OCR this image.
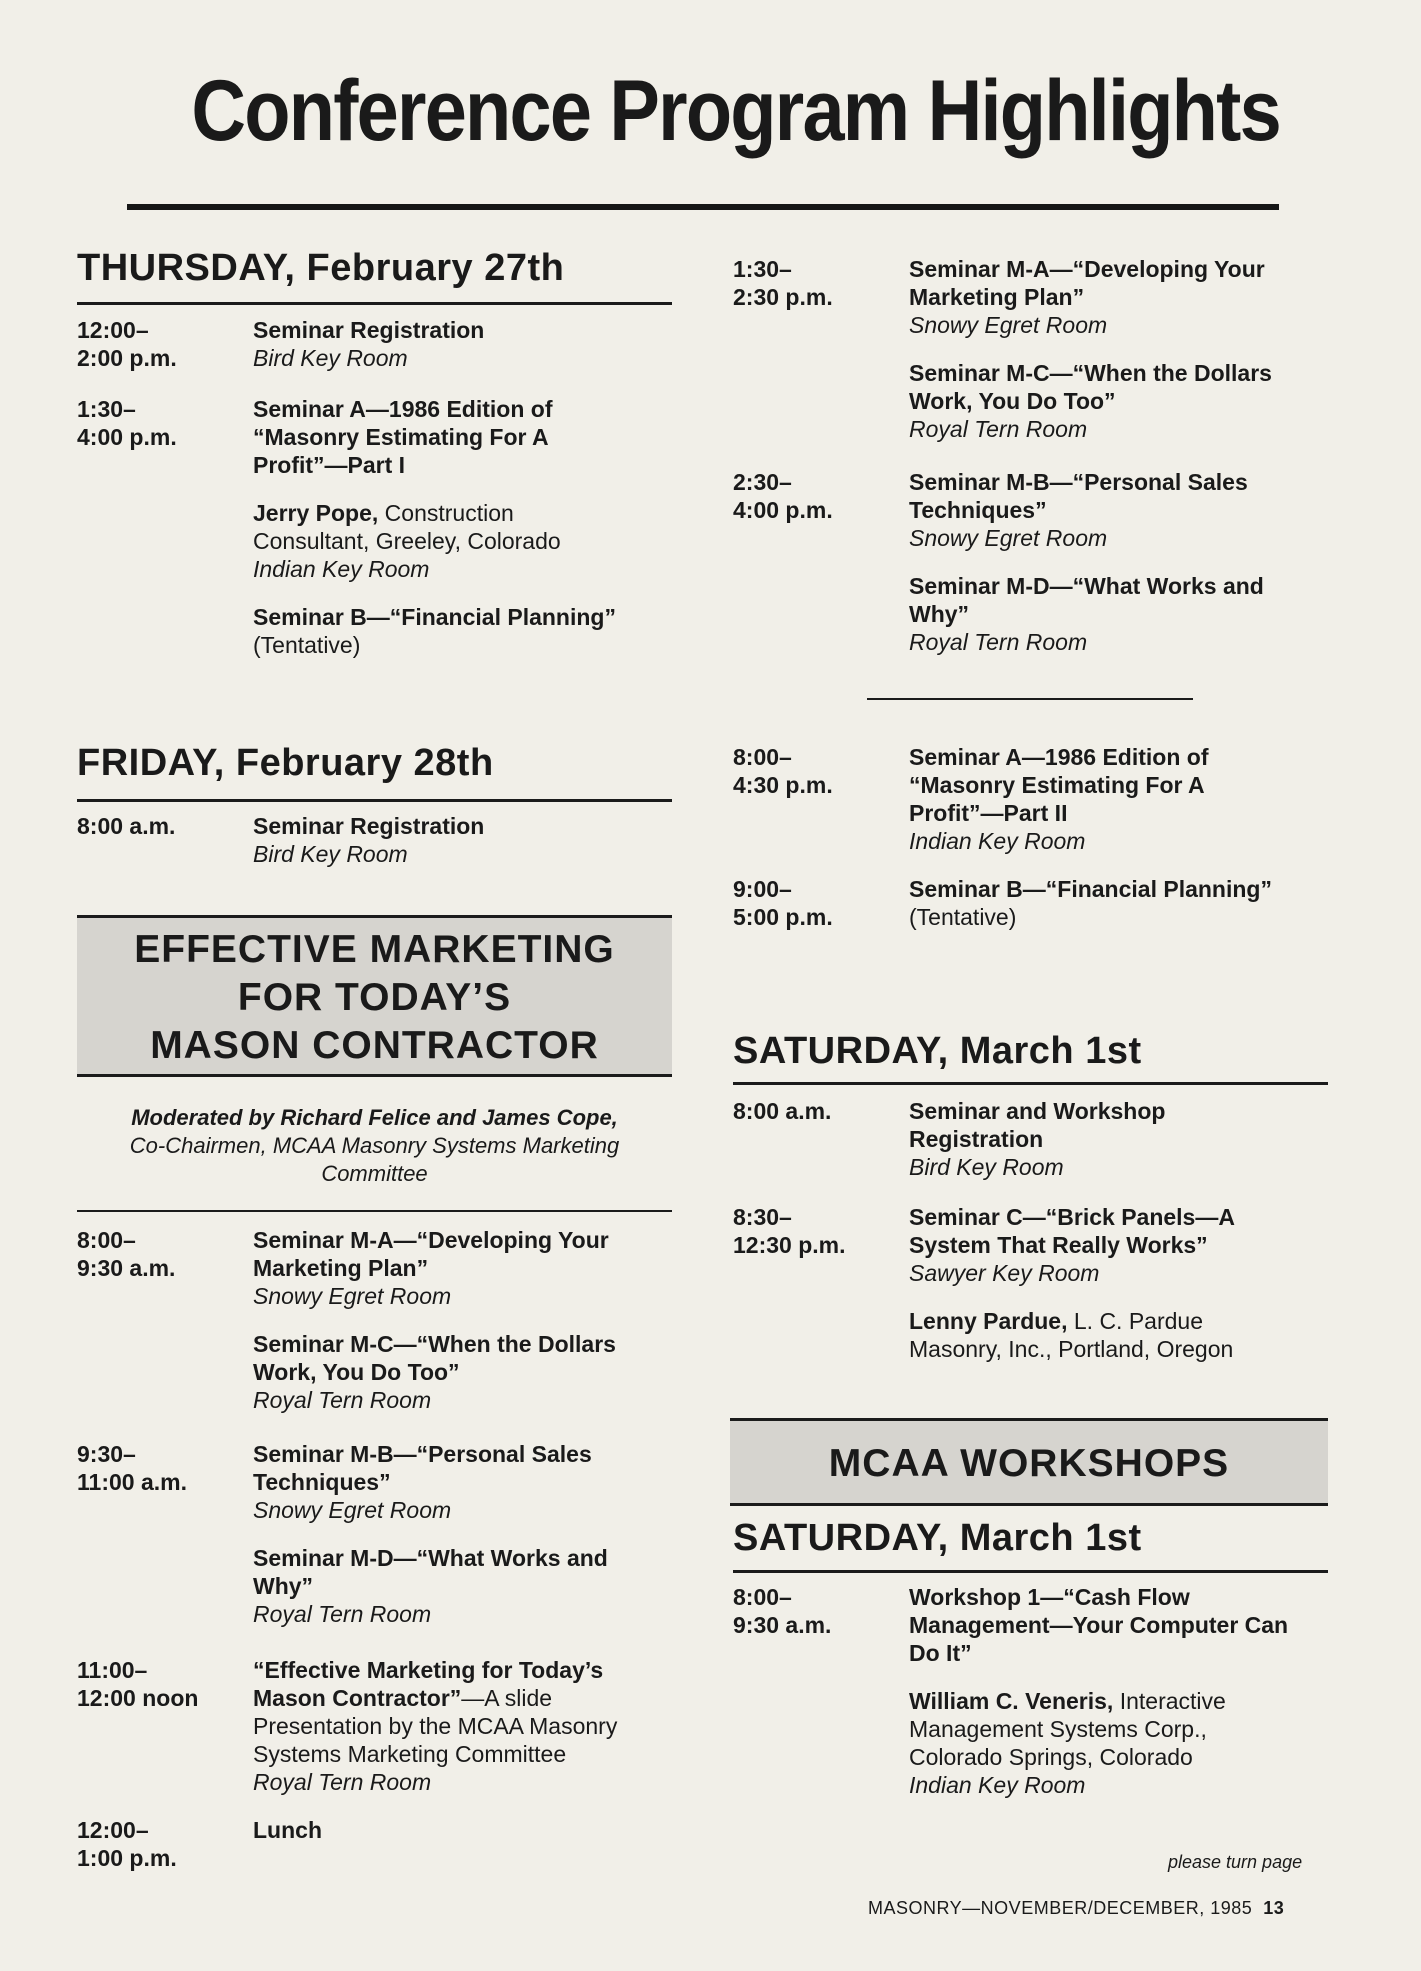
Conference Program Highlights
THURSDAY, February 27th
12:00–
2:00 p.m.
Seminar Registration
Bird Key Room
1:30–
4:00 p.m.
Seminar A—1986 Edition of
“Masonry Estimating For A
Profit”—Part I
Jerry Pope, Construction
Consultant, Greeley, Colorado
Indian Key Room
Seminar B—“Financial Planning”
(Tentative)
FRIDAY, February 28th
8:00 a.m.	Seminar Registration
Bird Key Room
EFFECTIVE MARKETING
FOR TODAY’S
MASON CONTRACTOR
Moderated by Richard Felice and James Cope,
Co-Chairmen, MCAA Masonry Systems Marketing
Committee
8:00–
9:30 a.m.
Seminar M-A—“Developing Your
Marketing Plan”
Snowy Egret Room
Seminar M-C—“When the Dollars
Work, You Do Too”
Royal Tern Room
9:30–
11:00 a.m.
Seminar M-B—“Personal Sales
Techniques”
Snowy Egret Room
Seminar M-D—“What Works and
Why”
Royal Tern Room
11:00–
12:00 noon
“Effective Marketing for Today’s
Mason Contractor”—A slide
Presentation by the MCAA Masonry
Systems Marketing Committee
Royal Tern Room
12:00–
1:00 p.m.
Lunch
1:30–
2:30 p.m.
Seminar M-A—“Developing Your
Marketing Plan”
Snowy Egret Room
Seminar M-C—“When the Dollars
Work, You Do Too”
Royal Tern Room
2:30–
4:00 p.m.
Seminar M-B—“Personal Sales
Techniques”
Snowy Egret Room
Seminar M-D—“What Works and
Why”
Royal Tern Room
8:00–
4:30 p.m.
Seminar A—1986 Edition of
“Masonry Estimating For A
Profit”—Part II
Indian Key Room
9:00–
5:00 p.m.
Seminar B—“Financial Planning”
(Tentative)
SATURDAY, March 1st
8:00 a.m.	Seminar and Workshop
Registration
Bird Key Room
8:30–
12:30 p.m.
Seminar C—“Brick Panels—A
System That Really Works”
Sawyer Key Room
Lenny Pardue, L. C. Pardue
Masonry, Inc., Portland, Oregon
MCAA WORKSHOPS
SATURDAY, March 1st
8:00–
9:30 a.m.
Workshop 1—“Cash Flow
Management—Your Computer Can
Do It”
William C. Veneris, Interactive
Management Systems Corp.,
Colorado Springs, Colorado
Indian Key Room
please turn page
MASONRY—NOVEMBER/DECEMBER, 1985 13
